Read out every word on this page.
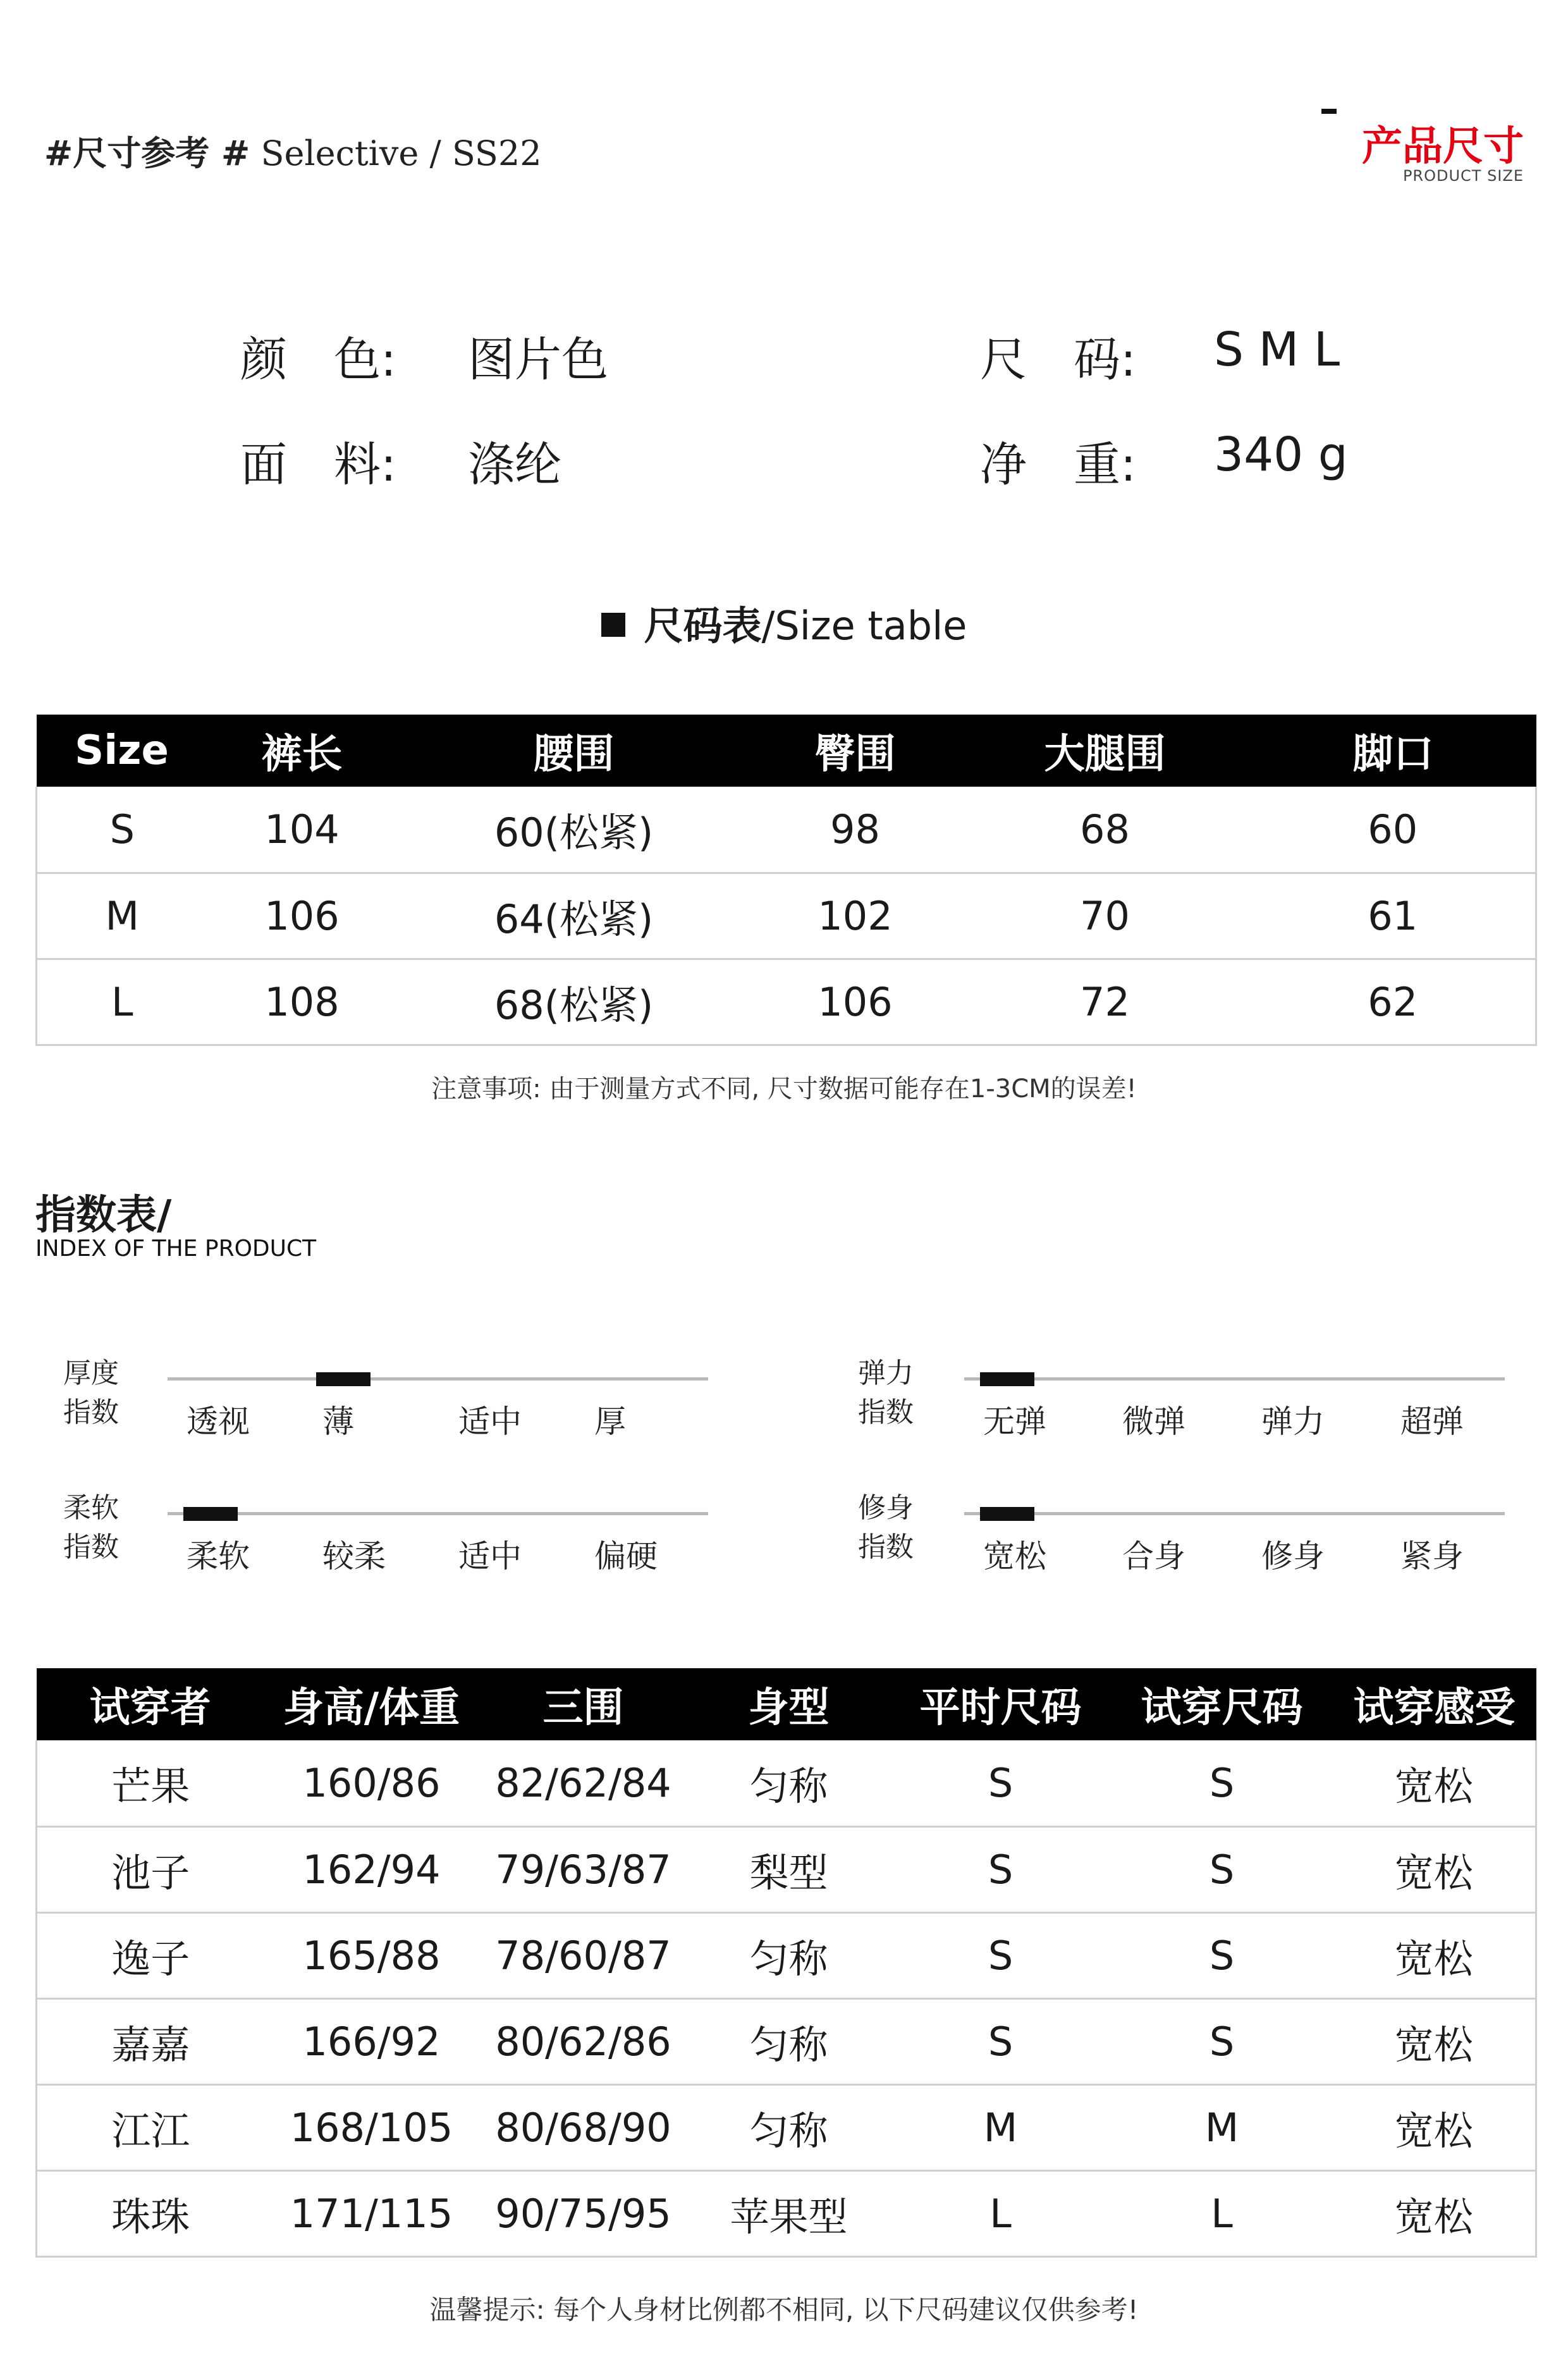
#尺寸参考 # Selective / SS22	产品尺寸
PRODUCT SIZE
颜　色: 图片色	尺　码: S M L
面　料: 涤纶	净　重: 340 g
尺码表/Size table
Size	裤长	腰围	臀围	大腿围	脚口
S	104	60(松紧)	98	68	60
M	106	64(松紧)	102	70	61
L	108	68(松紧)	106	72	62
注意事项: 由于测量方式不同, 尺寸数据可能存在1-3CM的误差!
指数表/
INDEX OF THE PRODUCT
厚度
指数 透视 薄	适中 厚
弹力
指数 无弹 微弹 弹力 超弹
柔软
指数 柔软 较柔 适中 偏硬
修身
指数 宽松 合身 修身 紧身
试穿者	身高/体重	三围	身型	平时尺码	试穿尺码	试穿感受
芒果	160/86	82/62/84	匀称	S	S	宽松
池子	162/94	79/63/87	梨型	S	S	宽松
逸子	165/88	78/60/87	匀称	S	S	宽松
嘉嘉	166/92	80/62/86	匀称	S	S	宽松
江江	168/105	80/68/90	匀称	M	M	宽松
珠珠	171/115	90/75/95	苹果型	L	L	宽松
温馨提示: 每个人身材比例都不相同, 以下尺码建议仅供参考!
